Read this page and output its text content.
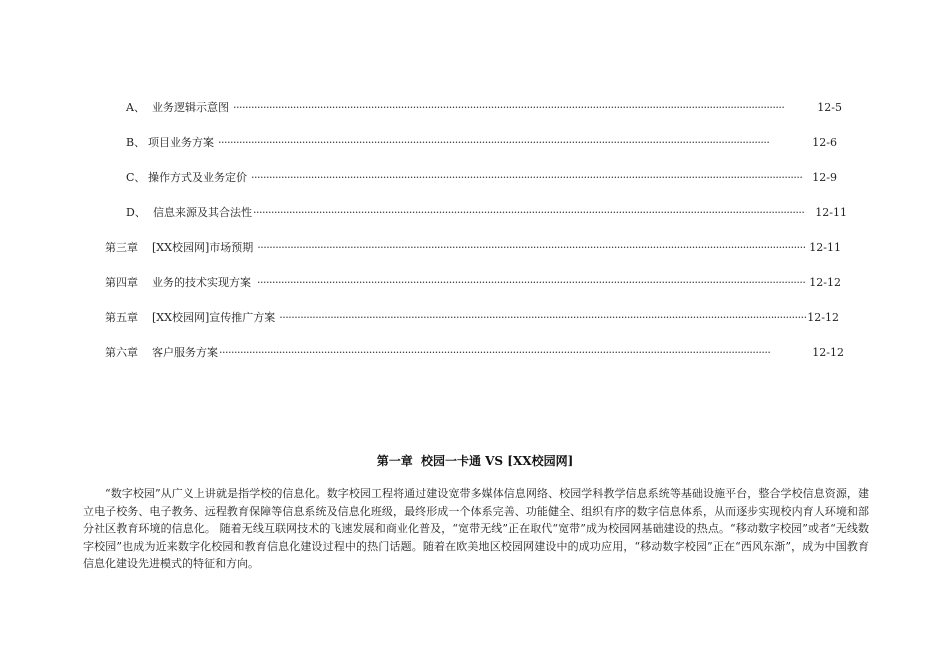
A、 业务逻辑示意图 ·····	12-5
B、 项目业务方案 ·····	12-6
C、 操作方式及业务定价 ·····	12-9
D、 信息来源及其合法性 ·····	12-11
第三章	[XX校园网]市场预期 ·····	12-11
第四章	业务的技术实现方案 ·····	12-12
第五章	[XX校园网]宣传推广方案 ·····	12-12
第六章	客户服务方案 ·····	12-12
第一章 校园一卡通 VS [XX校园网]

“数字校园”从广义上讲就是指学校的信息化。数字校园工程将通过建设宽带多媒体信息网络、校园学科教学信息系统等基础设施平台，整合学校信息资源，建立电子校务、电子教务、远程教育保障等信息系统及信息化班级，最终形成一个体系完善、功能健全、组织有序的数字信息体系，从而逐步实现校内育人环境和部分社区教育环境的信息化。 随着无线互联网技术的飞速发展和商业化普及，“宽带无线”正在取代“宽带”成为校园网基础建设的热点。“移动数字校园”或者“无线数字校园”也成为近来数字化校园和教育信息化建设过程中的热门话题。随着在欧美地区校园网建设中的成功应用，“移动数字校园”正在“西风东渐”，成为中国教育信息化建设先进模式的特征和方向。
